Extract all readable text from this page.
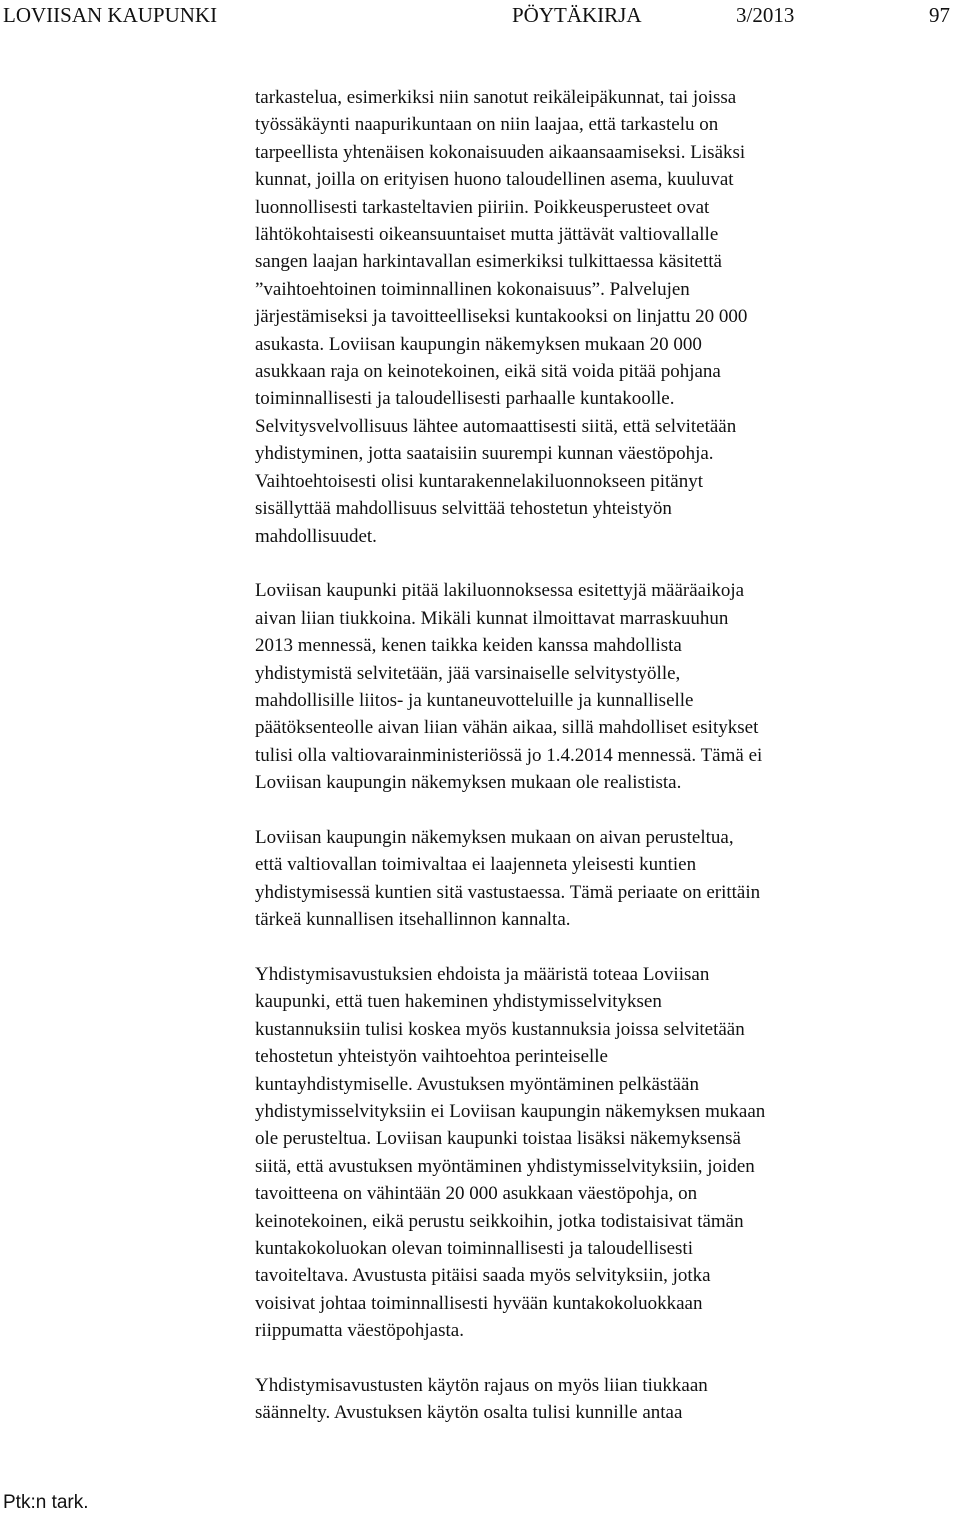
LOVIISAN KAUPUNKI	PÖYTÄKIRJA	3/2013	97

tarkastelua, esimerkiksi niin sanotut reikäleipäkunnat, tai joissa
työssäkäynti naapurikuntaan on niin laajaa, että tarkastelu on
tarpeellista yhtenäisen kokonaisuuden aikaansaamiseksi. Lisäksi
kunnat, joilla on erityisen huono taloudellinen asema, kuuluvat
luonnollisesti tarkasteltavien piiriin. Poikkeusperusteet ovat
lähtökohtaisesti oikeansuuntaiset mutta jättävät valtiovallalle
sangen laajan harkintavallan esimerkiksi tulkittaessa käsitettä
”vaihtoehtoinen toiminnallinen kokonaisuus”. Palvelujen
järjestämiseksi ja tavoitteelliseksi kuntakooksi on linjattu 20 000
asukasta. Loviisan kaupungin näkemyksen mukaan 20 000
asukkaan raja on keinotekoinen, eikä sitä voida pitää pohjana
toiminnallisesti ja taloudellisesti parhaalle kuntakoolle.
Selvitysvelvollisuus lähtee automaattisesti siitä, että selvitetään
yhdistyminen, jotta saataisiin suurempi kunnan väestöpohja.
Vaihtoehtoisesti olisi kuntarakennelakiluonnokseen pitänyt
sisällyttää mahdollisuus selvittää tehostetun yhteistyön
mahdollisuudet.

Loviisan kaupunki pitää lakiluonnoksessa esitettyjä määräaikoja
aivan liian tiukkoina. Mikäli kunnat ilmoittavat marraskuuhun
2013 mennessä, kenen taikka keiden kanssa mahdollista
yhdistymistä selvitetään, jää varsinaiselle selvitystyölle,
mahdollisille liitos- ja kuntaneuvotteluille ja kunnalliselle
päätöksenteolle aivan liian vähän aikaa, sillä mahdolliset esitykset
tulisi olla valtiovarainministeriössä jo 1.4.2014 mennessä. Tämä ei
Loviisan kaupungin näkemyksen mukaan ole realistista.

Loviisan kaupungin näkemyksen mukaan on aivan perusteltua,
että valtiovallan toimivaltaa ei laajenneta yleisesti kuntien
yhdistymisessä kuntien sitä vastustaessa. Tämä periaate on erittäin
tärkeä kunnallisen itsehallinnon kannalta.

Yhdistymisavustuksien ehdoista ja määristä toteaa Loviisan
kaupunki, että tuen hakeminen yhdistymisselvityksen
kustannuksiin tulisi koskea myös kustannuksia joissa selvitetään
tehostetun yhteistyön vaihtoehtoa perinteiselle
kuntayhdistymiselle. Avustuksen myöntäminen pelkästään
yhdistymisselvityksiin ei Loviisan kaupungin näkemyksen mukaan
ole perusteltua. Loviisan kaupunki toistaa lisäksi näkemyksensä
siitä, että avustuksen myöntäminen yhdistymisselvityksiin, joiden
tavoitteena on vähintään 20 000 asukkaan väestöpohja, on
keinotekoinen, eikä perustu seikkoihin, jotka todistaisivat tämän
kuntakokoluokan olevan toiminnallisesti ja taloudellisesti
tavoiteltava. Avustusta pitäisi saada myös selvityksiin, jotka
voisivat johtaa toiminnallisesti hyvään kuntakokoluokkaan
riippumatta väestöpohjasta.

Yhdistymisavustusten käytön rajaus on myös liian tiukkaan
säännelty. Avustuksen käytön osalta tulisi kunnille antaa

Ptk:n tark.
